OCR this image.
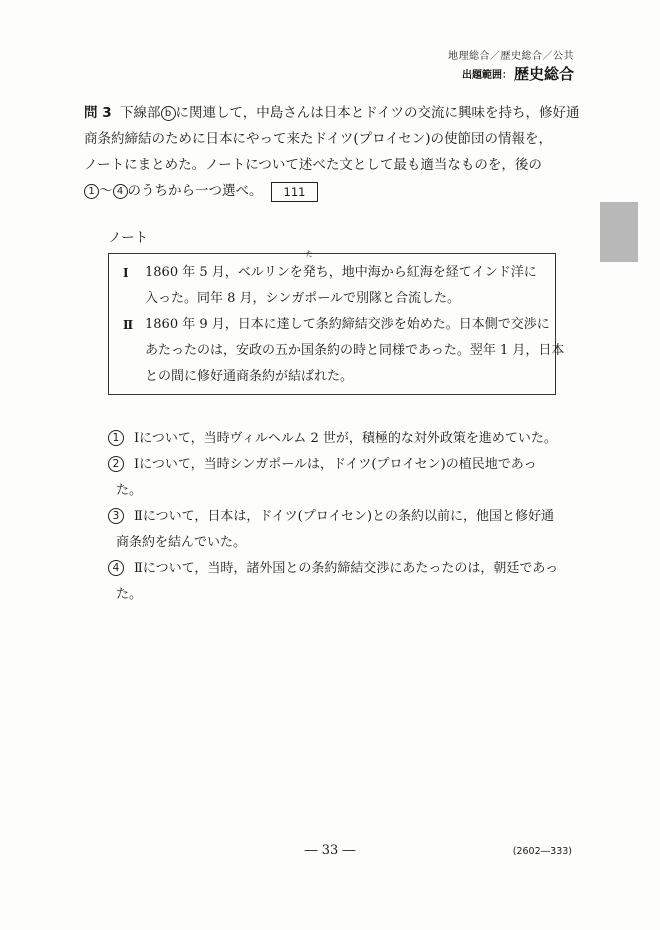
地理総合／歴史総合／公共
出題範囲： 歴史総合
問 3 下線部 b に関連して，中島さんは日本とドイツの交流に興味を持ち，修好通
商条約締結のために日本にやって来たドイツ(プロイセン)の使節団の情報を，
ノートにまとめた。ノートについて述べた文として最も適当なものを，後の
1 ～ 4 のうちから一つ選べ。 111
ノート
Ⅰ 1860 年 5 月，ベルリンを
た
発ち，地中海から紅海を経てインド洋に
入った。同年 8 月，シンガポールで別隊と合流した。
Ⅱ 1860 年 9 月，日本に達して条約締結交渉を始めた。日本側で交渉に
あたったのは，安政の五か国条約の時と同様であった。翌年 1 月，日本
との間に修好通商条約が結ばれた。
1	Ⅰについて，当時ヴィルヘルム 2 世が，積極的な対外政策を進めていた。
2	Ⅰについて，当時シンガポールは，ドイツ(プロイセン)の植民地であっ
た。
3	Ⅱについて，日本は，ドイツ(プロイセン)との条約以前に，他国と修好通
商条約を結んでいた。
4	Ⅱについて，当時，諸外国との条約締結交渉にあたったのは，朝廷であっ
た。
― 33 ―	(2602―333)
